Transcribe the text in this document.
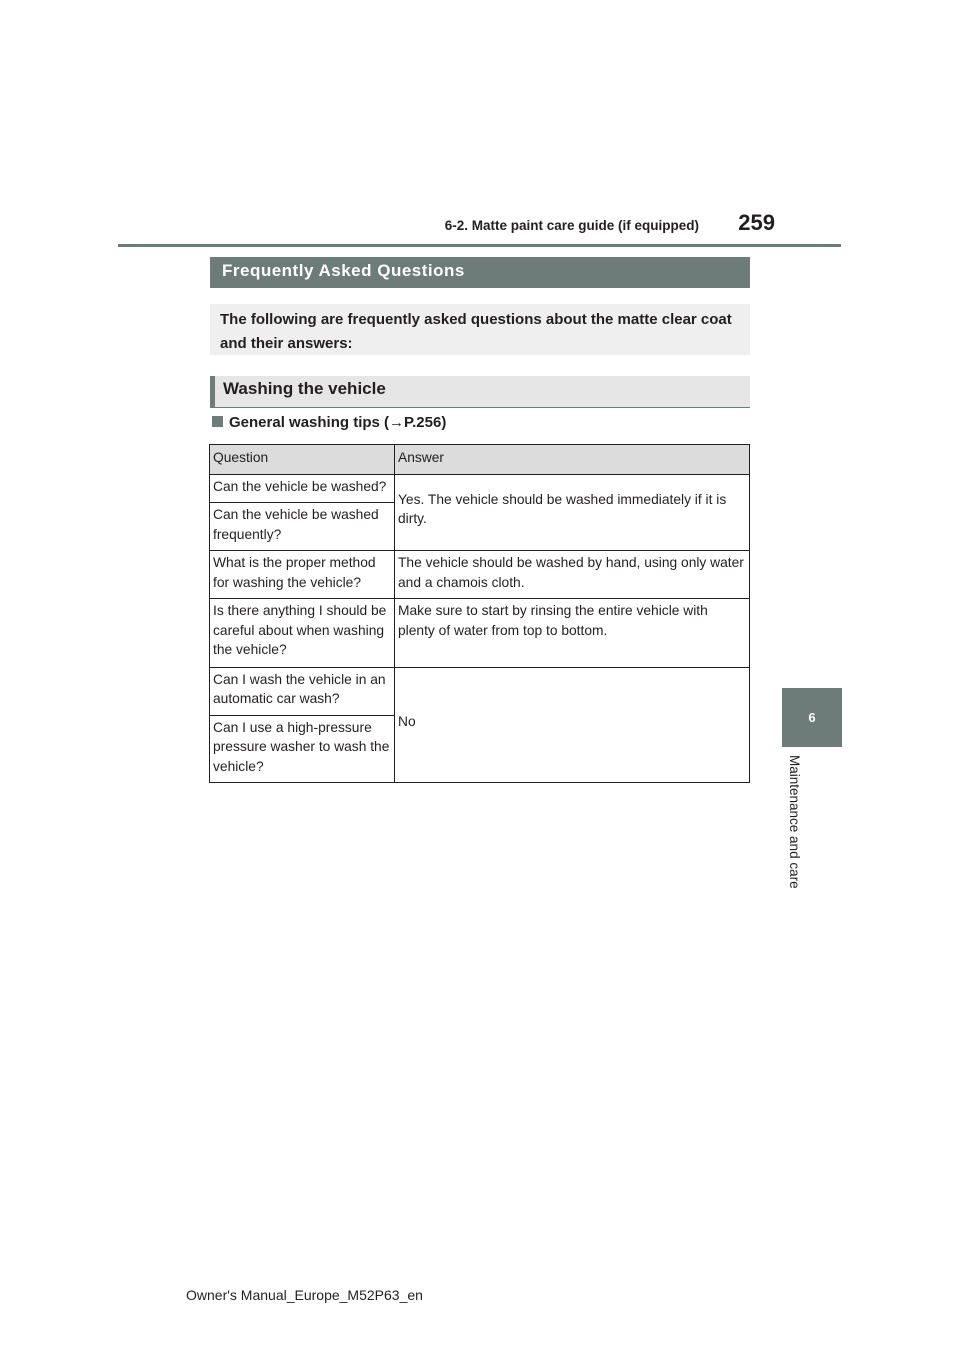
6-2. Matte paint care guide (if equipped)	259
6
Maintenance and care
Frequently Asked Questions
The following are frequently asked questions about the matte clear coat and their answers:
Washing the vehicle
General washing tips (→P.256)
Question	Answer
Can the vehicle be washed?	Yes. The vehicle should be washed immediately if it is dirty.
Can the vehicle be washed frequently?	
What is the proper method for washing the vehicle?	The vehicle should be washed by hand, using only water and a chamois cloth.
Is there anything I should be careful about when washing the vehicle?	Make sure to start by rinsing the entire vehicle with plenty of water from top to bottom.
Can I wash the vehicle in an automatic car wash?	No
Can I use a high-pressure pressure washer to wash the vehicle?	
Owner's Manual_Europe_M52P63_en
